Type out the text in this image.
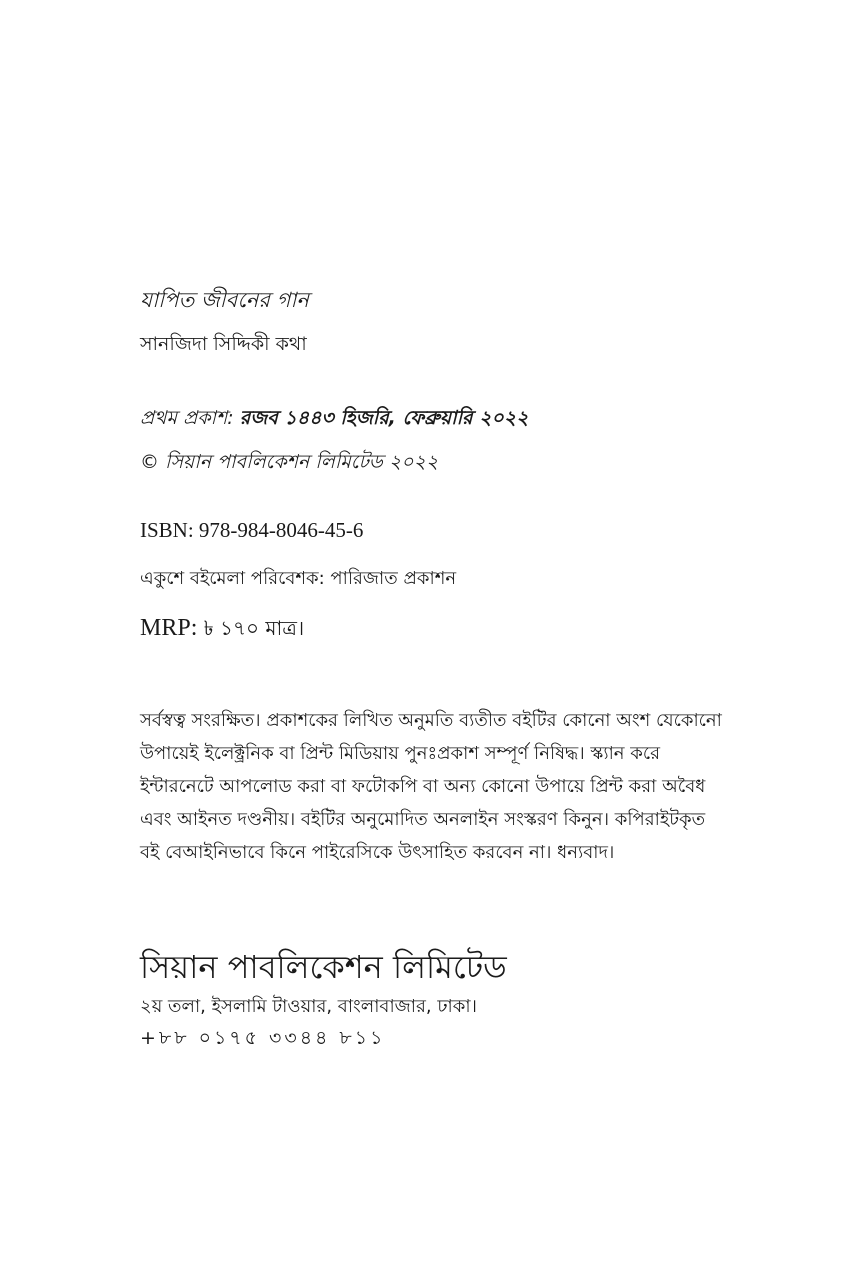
যাপিত জীবনের গান
সানজিদা সিদ্দিকী কথা
প্রথম প্রকাশ: রজব ১৪৪৩ হিজরি, ফেব্রুয়ারি ২০২২
© সিয়ান পাবলিকেশন লিমিটেড ২০২২
ISBN: 978-984-8046-45-6
একুশে বইমেলা পরিবেশক: পারিজাত প্রকাশন
MRP: ৳ ১৭০ মাত্র।
সর্বস্বত্ব সংরক্ষিত। প্রকাশকের লিখিত অনুমতি ব্যতীত বইটির কোনো অংশ যেকোনো
উপায়েই ইলেক্ট্রনিক বা প্রিন্ট মিডিয়ায় পুনঃপ্রকাশ সম্পূর্ণ নিষিদ্ধ। স্ক্যান করে
ইন্টারনেটে আপলোড করা বা ফটোকপি বা অন্য কোনো উপায়ে প্রিন্ট করা অবৈধ
এবং আইনত দণ্ডনীয়। বইটির অনুমোদিত অনলাইন সংস্করণ কিনুন। কপিরাইটকৃত
বই বেআইনিভাবে কিনে পাইরেসিকে উৎসাহিত করবেন না। ধন্যবাদ।
সিয়ান পাবলিকেশন লিমিটেড
২য় তলা, ইসলামি টাওয়ার, বাংলাবাজার, ঢাকা।
+৮৮ ০১৭৫ ৩৩৪৪ ৮১১
